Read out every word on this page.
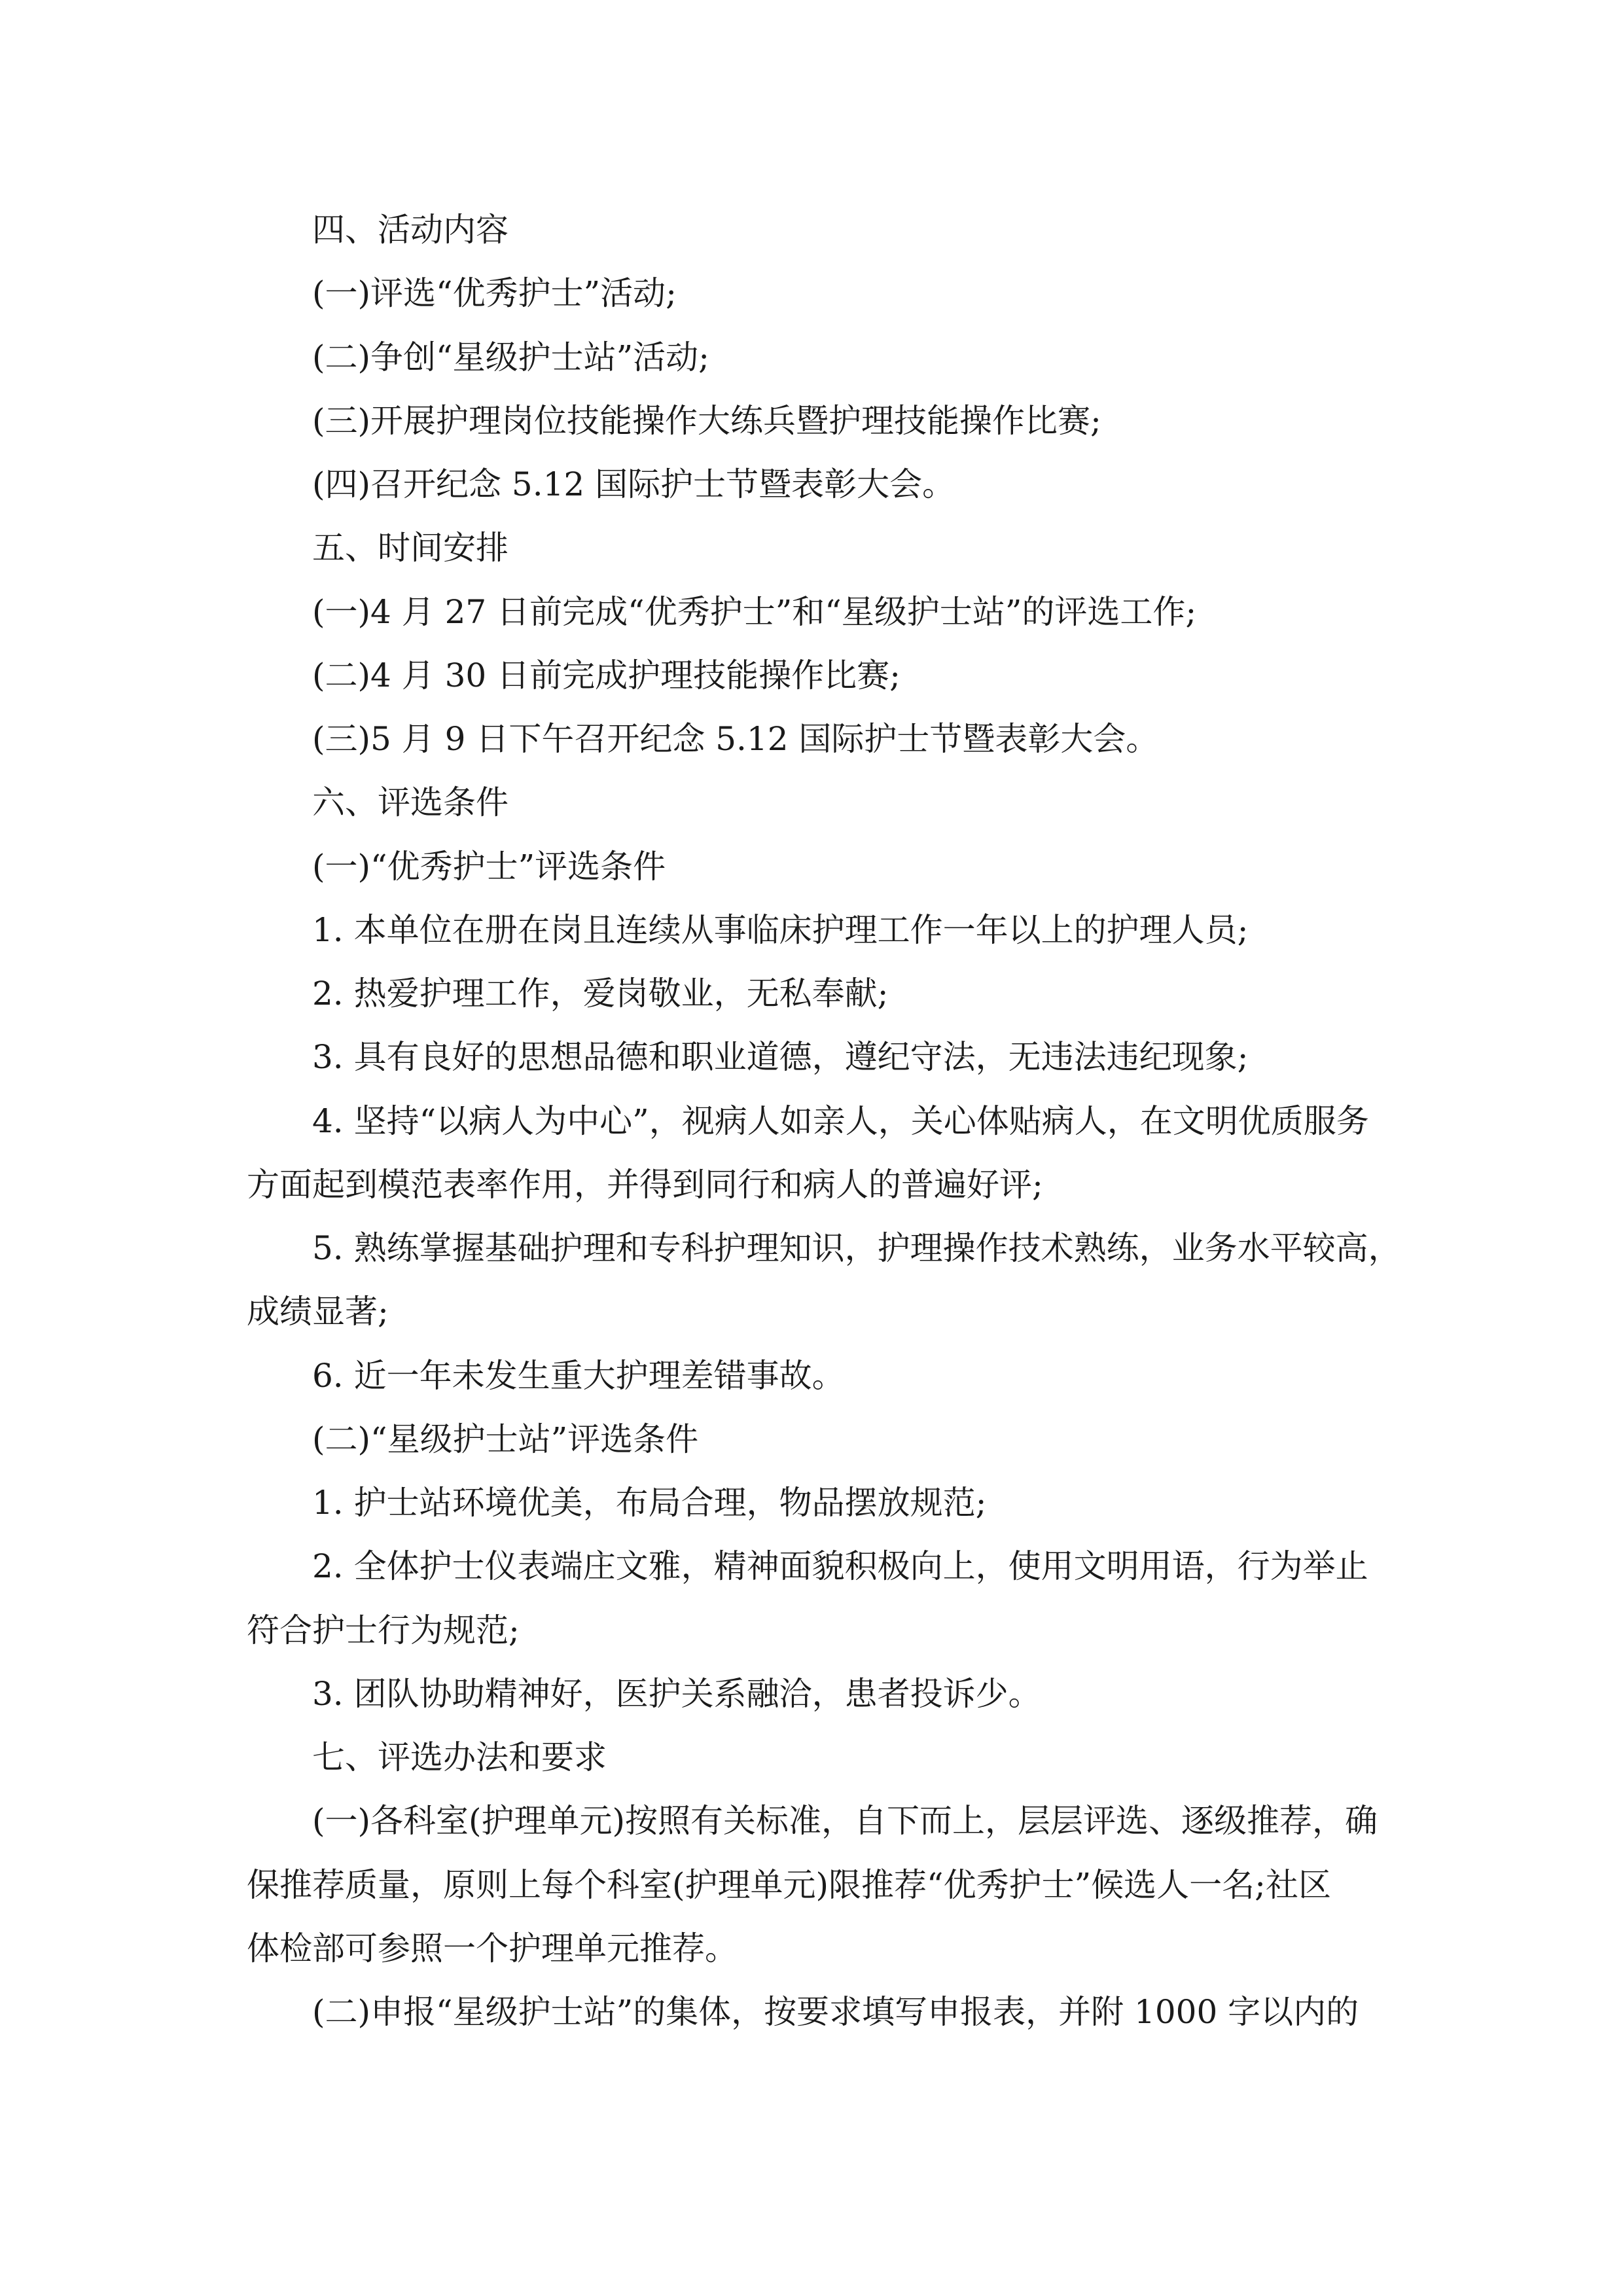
四、活动内容
(一)评选“优秀护士”活动;
(二)争创“星级护士站”活动;
(三)开展护理岗位技能操作大练兵暨护理技能操作比赛;
(四)召开纪念 5.12 国际护士节暨表彰大会。
五、时间安排
(一)4 月 27 日前完成“优秀护士”和“星级护士站”的评选工作;
(二)4 月 30 日前完成护理技能操作比赛;
(三)5 月 9 日下午召开纪念 5.12 国际护士节暨表彰大会。
六、评选条件
(一)“优秀护士”评选条件
1. 本单位在册在岗且连续从事临床护理工作一年以上的护理人员;
2. 热爱护理工作，爱岗敬业，无私奉献;
3. 具有良好的思想品德和职业道德，遵纪守法，无违法违纪现象;
4. 坚持“以病人为中心”，视病人如亲人，关心体贴病人，在文明优质服务
方面起到模范表率作用，并得到同行和病人的普遍好评;
5. 熟练掌握基础护理和专科护理知识，护理操作技术熟练，业务水平较高，
成绩显著;
6. 近一年未发生重大护理差错事故。
(二)“星级护士站”评选条件
1. 护士站环境优美，布局合理，物品摆放规范;
2. 全体护士仪表端庄文雅，精神面貌积极向上，使用文明用语，行为举止
符合护士行为规范;
3. 团队协助精神好，医护关系融洽，患者投诉少。
七、评选办法和要求
(一)各科室(护理单元)按照有关标准，自下而上，层层评选、逐级推荐，确
保推荐质量，原则上每个科室(护理单元)限推荐“优秀护士”候选人一名;社区
体检部可参照一个护理单元推荐。
(二)申报“星级护士站”的集体，按要求填写申报表，并附 1000 字以内的
